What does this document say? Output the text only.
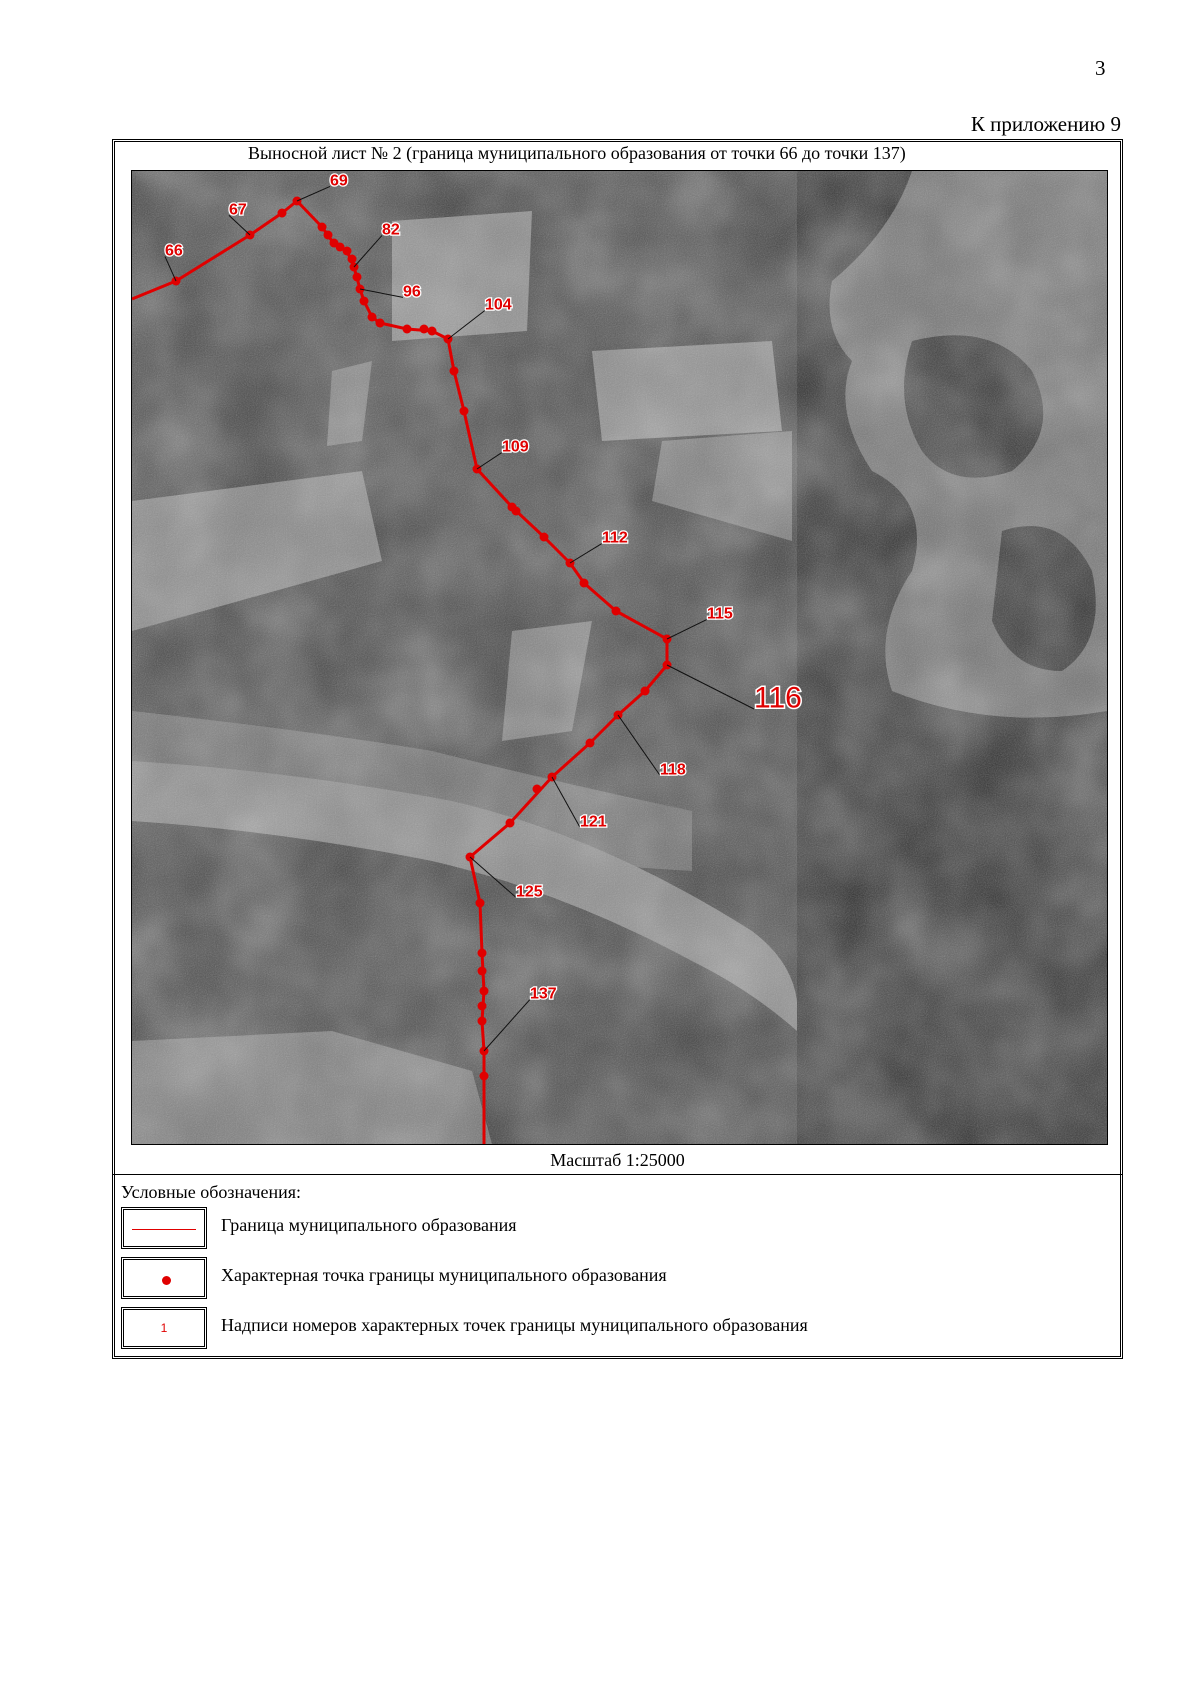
3
К приложению 9
Выносной лист № 2 (граница муниципального образования от точки 66 до точки 137)
66
67
69
82
96
104
109
112
115
116
118
121
125
137
Масштаб 1:25000
Условные обозначения:
Граница муниципального образования
Характерная точка границы муниципального образования
1	Надписи номеров характерных точек границы муниципального образования
